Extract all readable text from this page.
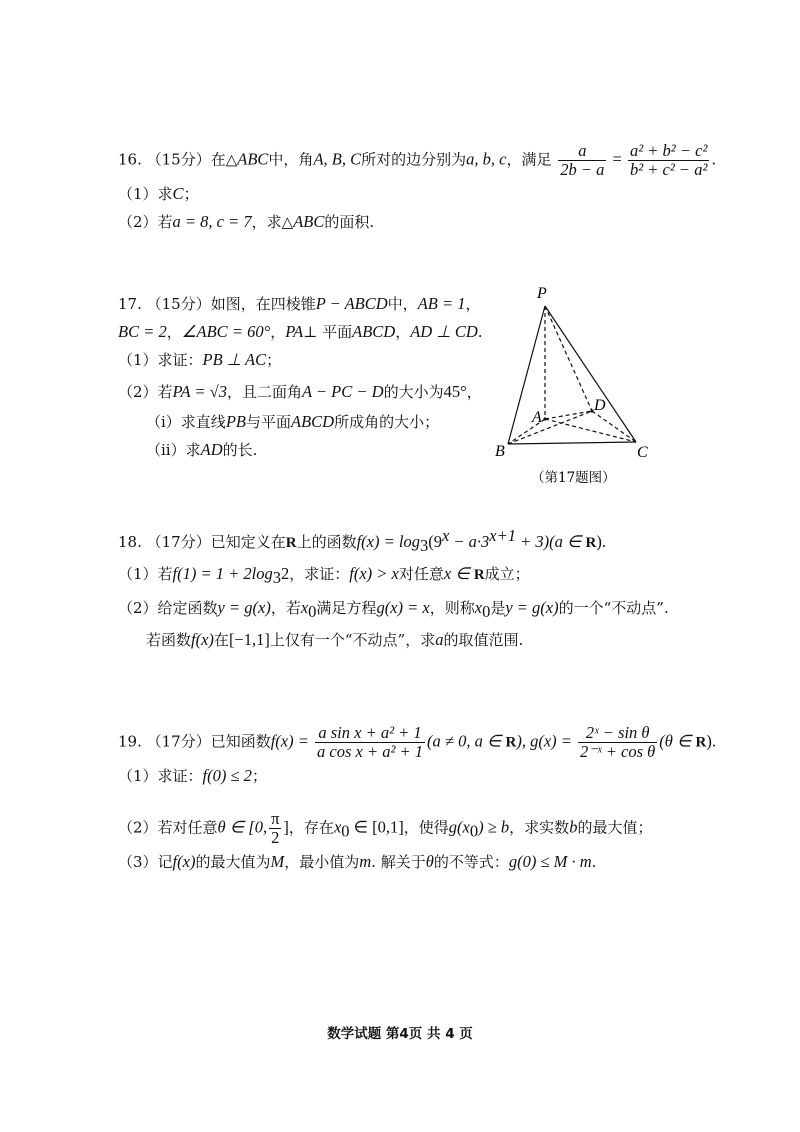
16. （15分）在△ABC中，角A, B, C所对的边分别为a, b, c，满足 $\frac{a}{2b - a} = \frac{\text{a² + b² − c²}}{\text{b² + c² − a²}}$ .
（1）求C；
（2）若a = 8, c = 7，求△ABC的面积.
17. （15分）如图，在四棱锥P − ABCD中，AB = 1，
BC = 2，∠ABC = 60°，PA⊥ 平面ABCD，AD ⊥ CD.
（1）求证：PB ⊥ AC；
（2）若PA = √3，且二面角A − PC − D的大小为45°，
（i）求直线PB与平面ABCD所成角的大小；
（ii）求AD的长.
P
A
D
B	C
（第17题图）
18. （17分）已知定义在R上的函数$f(x) = \log_3(9^x - a\cdot 3^{x+1} + 3)(a$ ∈ R).
（1）若$f(1) = 1 + 2\log_32$，求证：f(x) > x对任意x ∈ R成立；
（2）给定函数y = g(x)，若$x_0$满足方程g(x) = x，则称$x_0$是y = g(x)的一个“不动点”.
若函数f(x)在[−1,1]上仅有一个“不动点”，求a的取值范围.
19. （17分）已知函数$f(x) = \frac{\text{a sin x + a² + 1}}{\text{a cos x + a² + 1}} (a \ne 0$, a ∈ R), $g(x) = \frac{\text{2ˣ − sin θ}}{\text{2⁻ˣ + cos θ}} (\theta$ ∈ R).
（1）求证：f(0) ≤ 2；
（2）若对任意θ ∈ [0, $\frac{\pi}{2}$ ]，存在$x_0$ ∈ [0,1]，使得$g(x_0) \ge b$，求实数b的最大值；
（3）记f(x)的最大值为M，最小值为m. 解关于θ的不等式：g(0) ≤ M · m.
数学试题 第4页 共 4 页
